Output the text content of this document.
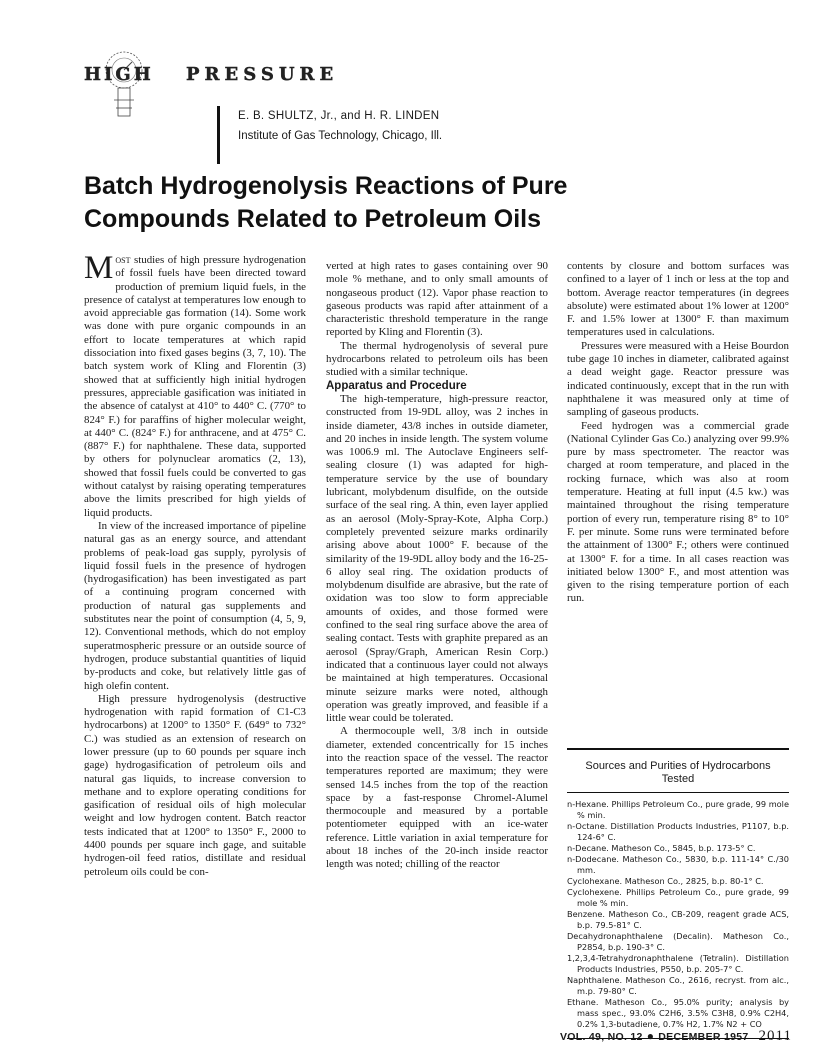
HIGH PRESSURE
E. B. SHULTZ, Jr., and H. R. LINDEN
Institute of Gas Technology, Chicago, Ill.
Batch Hydrogenolysis Reactions of Pure
Compounds Related to Petroleum Oils

Most studies of high pressure hydrogenation of fossil fuels have been directed toward production of premium liquid fuels, in the presence of catalyst at temperatures low enough to avoid appreciable gas formation (14). Some work was done with pure organic compounds in an effort to locate temperatures at which rapid dissociation into fixed gases begins (3, 7, 10). The batch system work of Kling and Florentin (3) showed that at sufficiently high initial hydrogen pressures, appreciable gasification was initiated in the absence of catalyst at 410° to 440° C. (770° to 824° F.) for paraffins of higher molecular weight, at 440° C. (824° F.) for anthracene, and at 475° C. (887° F.) for naphthalene. These data, supported by others for polynuclear aromatics (2, 13), showed that fossil fuels could be converted to gas without catalyst by raising operating temperatures above the limits prescribed for high yields of liquid products.

In view of the increased importance of pipeline natural gas as an energy source, and attendant problems of peak-load gas supply, pyrolysis of liquid fossil fuels in the presence of hydrogen (hydrogasification) has been investigated as part of a continuing program concerned with production of natural gas supplements and substitutes near the point of consumption (4, 5, 9, 12). Conventional methods, which do not employ superatmospheric pressure or an outside source of hydrogen, produce substantial quantities of liquid by-products and coke, but relatively little gas of high olefin content.

High pressure hydrogenolysis (destructive hydrogenation with rapid formation of C1-C3 hydrocarbons) at 1200° to 1350° F. (649° to 732° C.) was studied as an extension of research on lower pressure (up to 60 pounds per square inch gage) hydrogasification of petroleum oils and natural gas liquids, to increase conversion to methane and to explore operating conditions for gasification of residual oils of high molecular weight and low hydrogen content. Batch reactor tests indicated that at 1200° to 1350° F., 2000 to 4400 pounds per square inch gage, and suitable hydrogen-oil feed ratios, distillate and residual petroleum oils could be con-

verted at high rates to gases containing over 90 mole % methane, and to only small amounts of nongaseous product (12). Vapor phase reaction to gaseous products was rapid after attainment of a characteristic threshold temperature in the range reported by Kling and Florentin (3).

The thermal hydrogenolysis of several pure hydrocarbons related to petroleum oils has been studied with a similar technique.

Apparatus and Procedure

The high-temperature, high-pressure reactor, constructed from 19-9DL alloy, was 2 inches in inside diameter, 43/8 inches in outside diameter, and 20 inches in inside length. The system volume was 1006.9 ml. The Autoclave Engineers self-sealing closure (1) was adapted for high-temperature service by the use of boundary lubricant, molybdenum disulfide, on the outside surface of the seal ring. A thin, even layer applied as an aerosol (Moly-Spray-Kote, Alpha Corp.) completely prevented seizure marks ordinarily arising above about 1000° F. because of the similarity of the 19-9DL alloy body and the 16-25-6 alloy seal ring. The oxidation products of molybdenum disulfide are abrasive, but the rate of oxidation was too slow to form appreciable amounts of oxides, and those formed were confined to the seal ring surface above the area of sealing contact. Tests with graphite prepared as an aerosol (Spray/Graph, American Resin Corp.) indicated that a continuous layer could not always be maintained at high temperatures. Occasional minute seizure marks were noted, although operation was greatly improved, and feasible if a little wear could be tolerated.

A thermocouple well, 3/8 inch in outside diameter, extended concentrically for 15 inches into the reaction space of the vessel. The reactor temperatures reported are maximum; they were sensed 14.5 inches from the top of the reaction space by a fast-response Chromel-Alumel thermocouple and measured by a portable potentiometer equipped with an ice-water reference. Little variation in axial temperature for about 18 inches of the 20-inch inside reactor length was noted; chilling of the reactor

contents by closure and bottom surfaces was confined to a layer of 1 inch or less at the top and bottom. Average reactor temperatures (in degrees absolute) were estimated about 1% lower at 1200° F. and 1.5% lower at 1300° F. than maximum temperatures used in calculations.

Pressures were measured with a Heise Bourdon tube gage 10 inches in diameter, calibrated against a dead weight gage. Reactor pressure was indicated continuously, except that in the run with naphthalene it was measured only at time of sampling of gaseous products.

Feed hydrogen was a commercial grade (National Cylinder Gas Co.) analyzing over 99.9% pure by mass spectrometer. The reactor was charged at room temperature, and placed in the rocking furnace, which was also at room temperature. Heating at full input (4.5 kw.) was maintained throughout the rising temperature portion of every run, temperature rising 8° to 10° F. per minute. Some runs were terminated before the attainment of 1300° F.; others were continued at 1300° F. for a time. In all cases reaction was initiated below 1300° F., and most attention was given to the rising temperature portion of each run.

Sources and Purities of Hydrocarbons Tested
n-Hexane. Phillips Petroleum Co., pure grade, 99 mole % min.
n-Octane. Distillation Products Industries, P1107, b.p. 124-6° C.
n-Decane. Matheson Co., 5845, b.p. 173-5° C.
n-Dodecane. Matheson Co., 5830, b.p. 111-14° C./30 mm.
Cyclohexane. Matheson Co., 2825, b.p. 80-1° C.
Cyclohexene. Phillips Petroleum Co., pure grade, 99 mole % min.
Benzene. Matheson Co., CB-209, reagent grade ACS, b.p. 79.5-81° C.
Decahydronaphthalene (Decalin). Matheson Co., P2854, b.p. 190-3° C.
1,2,3,4-Tetrahydronaphthalene (Tetralin). Distillation Products Industries, P550, b.p. 205-7° C.
Naphthalene. Matheson Co., 2616, recryst. from alc., m.p. 79-80° C.
Ethane. Matheson Co., 95.0% purity; analysis by mass spec., 93.0% C2H6, 3.5% C3H8, 0.9% C2H4, 0.2% 1,3-butadiene, 0.7% H2, 1.7% N2 + CO
VOL. 49, NO. 12 ● DECEMBER 1957 2011
